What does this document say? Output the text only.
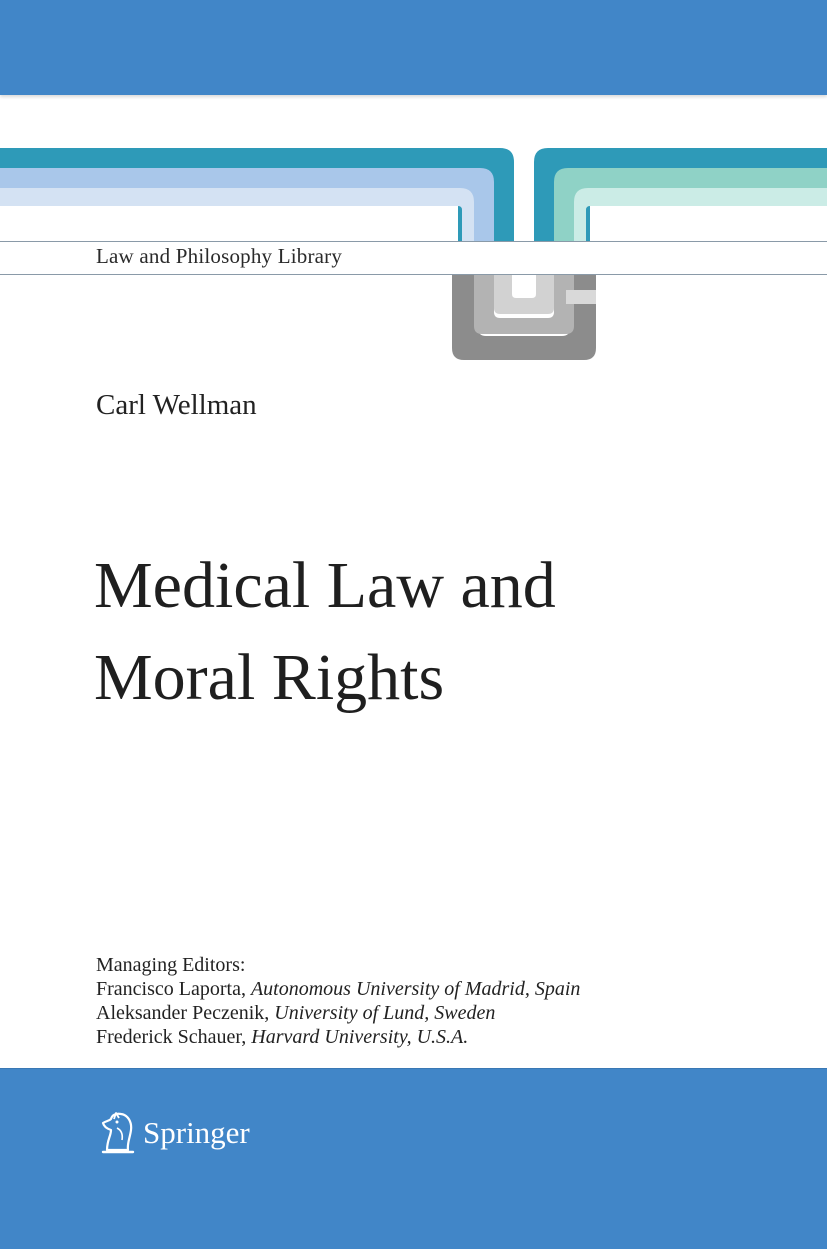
Law and Philosophy Library
Carl Wellman
Medical Law and
Moral Rights
Managing Editors:
Francisco Laporta, Autonomous University of Madrid, Spain
Aleksander Peczenik, University of Lund, Sweden
Frederick Schauer, Harvard University, U.S.A.
Springer
